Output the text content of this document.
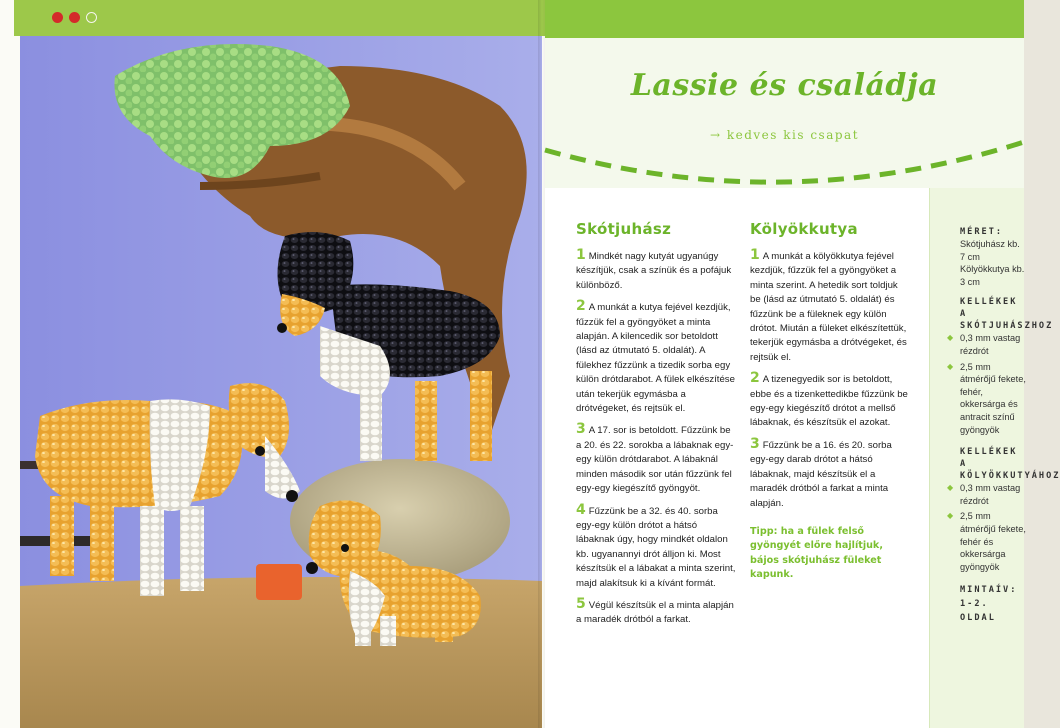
Lassie és családja
→ kedves kis csapat
Skótjuhász

1 Mindkét nagy kutyát ugyanúgy készítjük, csak a színük és a pofájuk különböző.

2 A munkát a kutya fejével kezdjük, fűzzük fel a gyöngyöket a minta alapján. A kilencedik sor betoldott (lásd az útmutató 5. oldalát). A fülekhez fűzzünk a tizedik sorba egy külön drótdarabot. A fülek elkészítése után tekerjük egymásba a drótvégeket, és rejtsük el.

3 A 17. sor is betoldott. Fűzzünk be a 20. és 22. sorokba a lábaknak egy-egy külön drótdarabot. A lábaknál minden második sor után fűzzünk fel egy-egy kiegészítő gyöngyöt.

4 Fűzzünk be a 32. és 40. sorba egy-egy külön drótot a hátsó lábaknak úgy, hogy mindkét oldalon kb. ugyanannyi drót álljon ki. Most készítsük el a lábakat a minta szerint, majd alakítsuk ki a kívánt formát.

5 Végül készítsük el a minta alapján a maradék drótból a farkat.

Kölyökkutya

1 A munkát a kölyökkutya fejével kezdjük, fűzzük fel a gyöngyöket a minta szerint. A hetedik sort toldjuk be (lásd az útmutató 5. oldalát) és fűzzünk be a füleknek egy külön drótot. Miután a füleket elkészítettük, tekerjük egymásba a drótvégeket, és rejtsük el.

2 A tizenegyedik sor is betoldott, ebbe és a tizenkettedikbe fűzzünk be egy-egy kiegészítő drótot a mellső lábaknak, és készítsük el azokat.

3 Fűzzünk be a 16. és 20. sorba egy-egy darab drótot a hátsó lábaknak, majd készítsük el a maradék drótból a farkat a minta alapján.

Tipp: ha a fülek felső gyöngyét előre hajlítjuk, bájos skótjuhász füleket kapunk.

MÉRET:
Skótjuhász kb. 7 cm
Kölyökkutya kb. 3 cm
KELLÉKEK A SKÓTJUHÁSZHOZ
◆ 0,3 mm vastag rézdrót
◆ 2,5 mm átmérőjű fekete, fehér, okkersárga és antracit színű gyöngyök
KELLÉKEK A KÖLYÖKKUTYÁHOZ
◆ 0,3 mm vastag rézdrót
◆ 2,5 mm átmérőjű fekete, fehér és okkersárga gyöngyök
MINTAÍV:
1-2. OLDAL
